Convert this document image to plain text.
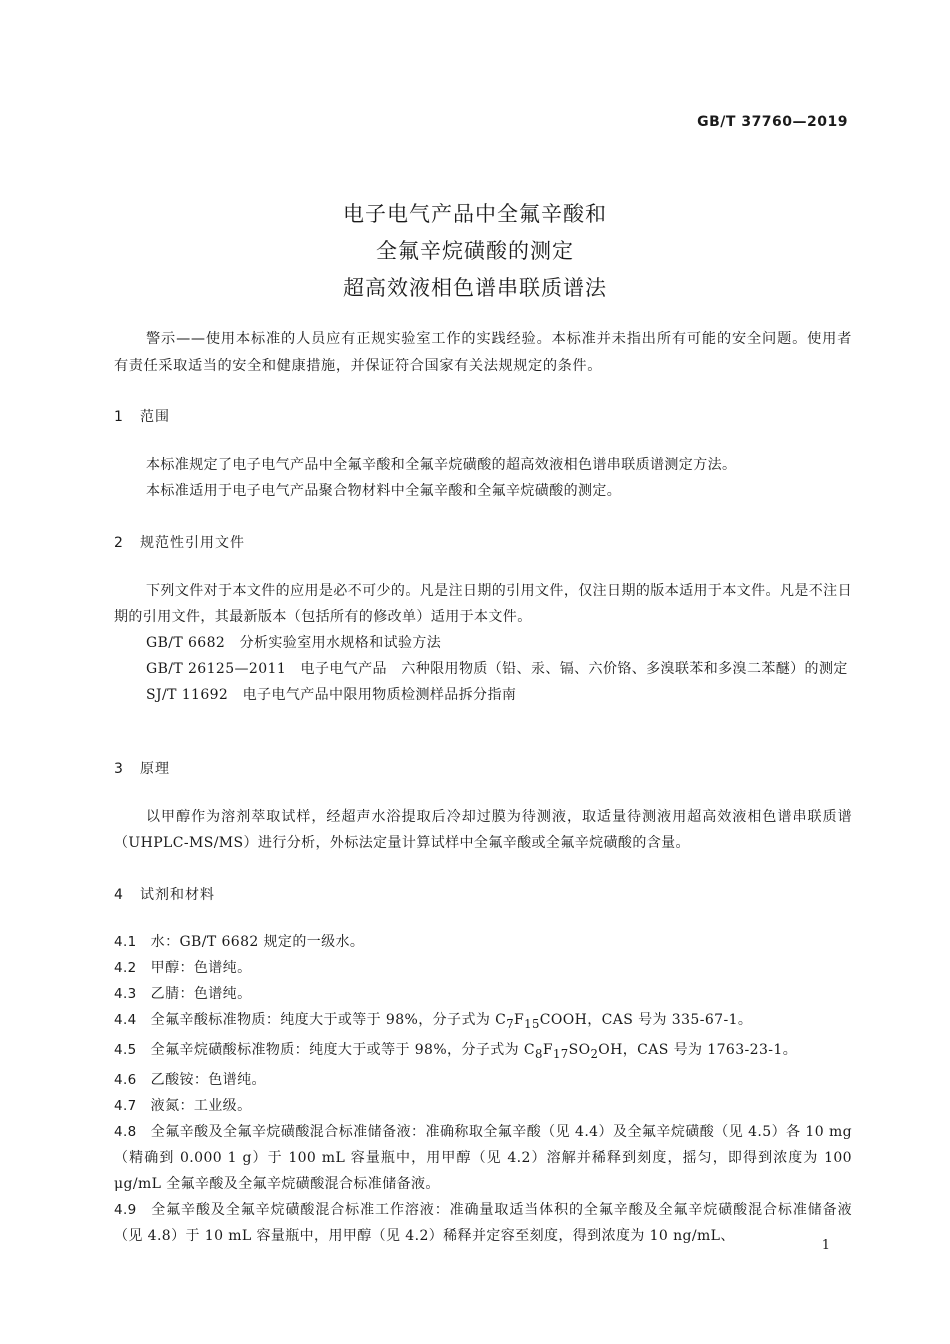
GB/T 37760—2019
电子电气产品中全氟辛酸和
全氟辛烷磺酸的测定
超高效液相色谱串联质谱法
警示——使用本标准的人员应有正规实验室工作的实践经验。本标准并未指出所有可能的安全问题。使用者有责任采取适当的安全和健康措施，并保证符合国家有关法规规定的条件。
1 范围
本标准规定了电子电气产品中全氟辛酸和全氟辛烷磺酸的超高效液相色谱串联质谱测定方法。
本标准适用于电子电气产品聚合物材料中全氟辛酸和全氟辛烷磺酸的测定。
2 规范性引用文件
下列文件对于本文件的应用是必不可少的。凡是注日期的引用文件，仅注日期的版本适用于本文件。凡是不注日期的引用文件，其最新版本（包括所有的修改单）适用于本文件。
GB/T 6682　分析实验室用水规格和试验方法
GB/T 26125—2011　电子电气产品　六种限用物质（铅、汞、镉、六价铬、多溴联苯和多溴二苯醚）的测定
SJ/T 11692　电子电气产品中限用物质检测样品拆分指南
3 原理
以甲醇作为溶剂萃取试样，经超声水浴提取后冷却过膜为待测液，取适量待测液用超高效液相色谱串联质谱（UHPLC-MS/MS）进行分析，外标法定量计算试样中全氟辛酸或全氟辛烷磺酸的含量。
4 试剂和材料
4.1 水：GB/T 6682 规定的一级水。
4.2 甲醇：色谱纯。
4.3 乙腈：色谱纯。
4.4 全氟辛酸标准物质：纯度大于或等于 98%，分子式为 $C_7F_{15}COOH$，CAS 号为 335-67-1。
4.5 全氟辛烷磺酸标准物质：纯度大于或等于 98%，分子式为 $C_8F_{17}SO_2OH$，CAS 号为 1763-23-1。
4.6 乙酸铵：色谱纯。
4.7 液氮：工业级。
4.8 全氟辛酸及全氟辛烷磺酸混合标准储备液：准确称取全氟辛酸（见 4.4）及全氟辛烷磺酸（见 4.5）各 10 mg（精确到 0.000 1 g）于 100 mL 容量瓶中，用甲醇（见 4.2）溶解并稀释到刻度，摇匀，即得到浓度为 100 μg/mL 全氟辛酸及全氟辛烷磺酸混合标准储备液。
4.9 全氟辛酸及全氟辛烷磺酸混合标准工作溶液：准确量取适当体积的全氟辛酸及全氟辛烷磺酸混合标准储备液（见 4.8）于 10 mL 容量瓶中，用甲醇（见 4.2）稀释并定容至刻度，得到浓度为 10 ng/mL、
1
